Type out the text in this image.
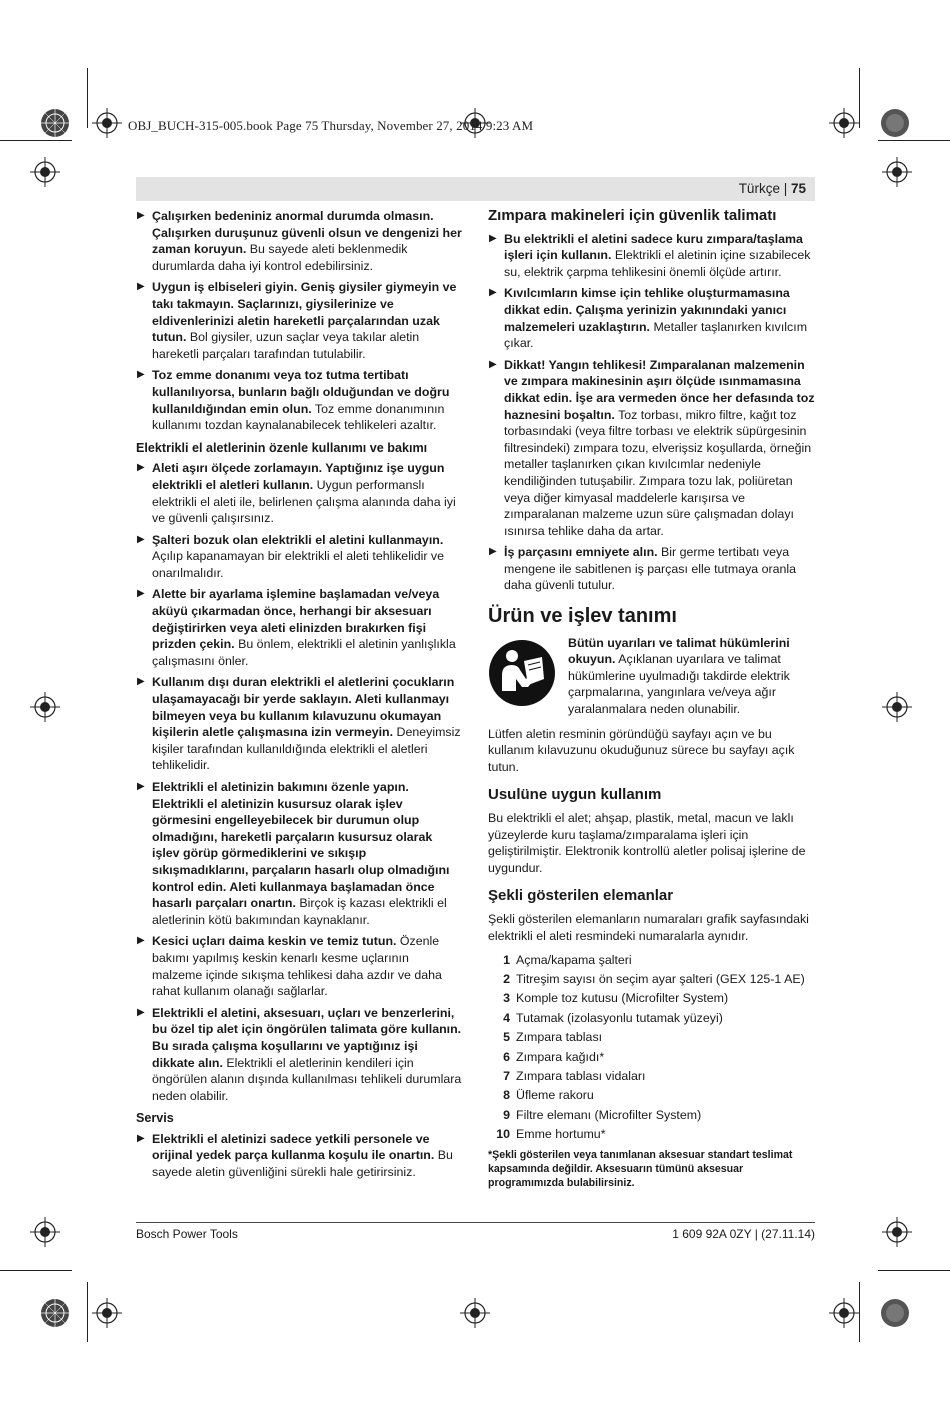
OBJ_BUCH-315-005.book Page 75 Thursday, November 27, 2014 9:23 AM
Türkçe | 75
▶ Çalışırken bedeniniz anormal durumda olmasın. Çalışırken duruşunuz güvenli olsun ve dengenizi her zaman koruyun. Bu sayede aleti beklenmedik durumlarda daha iyi kontrol edebilirsiniz.
▶ Uygun iş elbiseleri giyin. Geniş giysiler giymeyin ve takı takmayın. Saçlarınızı, giysilerinize ve eldivenlerinizi aletin hareketli parçalarından uzak tutun. Bol giysiler, uzun saçlar veya takılar aletin hareketli parçaları tarafından tutulabilir.
▶ Toz emme donanımı veya toz tutma tertibatı kullanılıyorsa, bunların bağlı olduğundan ve doğru kullanıldığından emin olun. Toz emme donanımının kullanımı tozdan kaynalanabilecek tehlikeleri azaltır.
Elektrikli el aletlerinin özenle kullanımı ve bakımı
▶ Aleti aşırı ölçede zorlamayın. Yaptığınız işe uygun elektrikli el aletleri kullanın. Uygun performanslı elektrikli el aleti ile, belirlenen çalışma alanında daha iyi ve güvenli çalışırsınız.
▶ Şalteri bozuk olan elektrikli el aletini kullanmayın. Açılıp kapanamayan bir elektrikli el aleti tehlikelidir ve onarılmalıdır.
▶ Alette bir ayarlama işlemine başlamadan ve/veya aküyü çıkarmadan önce, herhangi bir aksesuarı değiştirirken veya aleti elinizden bırakırken fişi prizden çekin. Bu önlem, elektrikli el aletinin yanlışlıkla çalışmasını önler.
▶ Kullanım dışı duran elektrikli el aletlerini çocukların ulaşamayacağı bir yerde saklayın. Aleti kullanmayı bilmeyen veya bu kullanım kılavuzunu okumayan kişilerin aletle çalışmasına izin vermeyin. Deneyimsiz kişiler tarafından kullanıldığında elektrikli el aletleri tehlikelidir.
▶ Elektrikli el aletinizin bakımını özenle yapın. Elektrikli el aletinizin kusursuz olarak işlev görmesini engelleyebilecek bir durumun olup olmadığını, hareketli parçaların kusursuz olarak işlev görüp görmediklerini ve sıkışıp sıkışmadıklarını, parçaların hasarlı olup olmadığını kontrol edin. Aleti kullanmaya başlamadan önce hasarlı parçaları onartın. Birçok iş kazası elektrikli el aletlerinin kötü bakımından kaynaklanır.
▶ Kesici uçları daima keskin ve temiz tutun. Özenle bakımı yapılmış keskin kenarlı kesme uçlarının malzeme içinde sıkışma tehlikesi daha azdır ve daha rahat kullanım olanağı sağlarlar.
▶ Elektrikli el aletini, aksesuarı, uçları ve benzerlerini, bu özel tip alet için öngörülen talimata göre kullanın. Bu sırada çalışma koşullarını ve yaptığınız işi dikkate alın. Elektrikli el aletlerinin kendileri için öngörülen alanın dışında kullanılması tehlikeli durumlara neden olabilir.
Servis
▶ Elektrikli el aletinizi sadece yetkili personele ve orijinal yedek parça kullanma koşulu ile onartın. Bu sayede aletin güvenliğini sürekli hale getirirsiniz.
Zımpara makineleri için güvenlik talimatı
▶ Bu elektrikli el aletini sadece kuru zımpara/taşlama işleri için kullanın. Elektrikli el aletinin içine sızabilecek su, elektrik çarpma tehlikesini önemli ölçüde artırır.
▶ Kıvılcımların kimse için tehlike oluşturmamasına dikkat edin. Çalışma yerinizin yakınındaki yanıcı malzemeleri uzaklaştırın. Metaller taşlanırken kıvılcım çıkar.
▶ Dikkat! Yangın tehlikesi! Zımparalanan malzemenin ve zımpara makinesinin aşırı ölçüde ısınmamasına dikkat edin. İşe ara vermeden önce her defasında toz haznesini boşaltın. Toz torbası, mikro filtre, kağıt toz torbasındaki (veya filtre torbası ve elektrik süpürgesinin filtresindeki) zımpara tozu, elverişsiz koşullarda, örneğin metaller taşlanırken çıkan kıvılcımlar nedeniyle kendiliğinden tutuşabilir. Zımpara tozu lak, poliüretan veya diğer kimyasal maddelerle karışırsa ve zımparalanan malzeme uzun süre çalışmadan dolayı ısınırsa tehlike daha da artar.
▶ İş parçasını emniyete alın. Bir germe tertibatı veya mengene ile sabitlenen iş parçası elle tutmaya oranla daha güvenli tutulur.
Ürün ve işlev tanımı
Bütün uyarıları ve talimat hükümlerini okuyun. Açıklanan uyarılara ve talimat hükümlerine uyulmadığı takdirde elektrik çarpmalarına, yangınlara ve/veya ağır yaralanmalara neden olunabilir.

Lütfen aletin resminin göründüğü sayfayı açın ve bu kullanım kılavuzunu okuduğunuz sürece bu sayfayı açık tutun.

Usulüne uygun kullanım

Bu elektrikli el alet; ahşap, plastik, metal, macun ve laklı yüzeylerde kuru taşlama/zımparalama işleri için geliştirilmiştir. Elektronik kontrollü aletler polisaj işlerine de uygundur.

Şekli gösterilen elemanlar

Şekli gösterilen elemanların numaraları grafik sayfasındaki elektrikli el aleti resmindeki numaralarla aynıdır.

1 Açma/kapama şalteri
2 Titreşim sayısı ön seçim ayar şalteri (GEX 125-1 AE)
3 Komple toz kutusu (Microfilter System)
4 Tutamak (izolasyonlu tutamak yüzeyi)
5 Zımpara tablası
6 Zımpara kağıdı*
7 Zımpara tablası vidaları
8 Üfleme rakoru
9 Filtre elemanı (Microfilter System)
10 Emme hortumu*
*Şekli gösterilen veya tanımlanan aksesuar standart teslimat kapsamında değildir. Aksesuarın tümünü aksesuar programımızda bulabilirsiniz.
Bosch Power Tools	1 609 92A 0ZY | (27.11.14)
